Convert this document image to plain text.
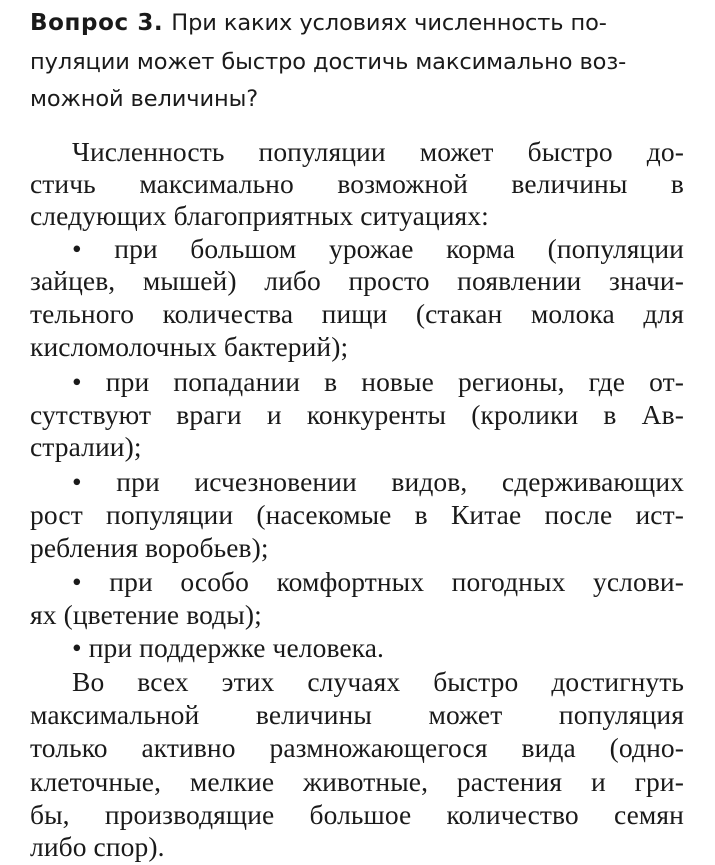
Вопрос 3. При каких условиях численность по-
пуляции может быстро достичь максимально воз-
можной величины?
Численность популяции может быстро до-
стичь максимально возможной величины в
следующих благоприятных ситуациях:
• при большом урожае корма (популяции
зайцев, мышей) либо просто появлении значи-
тельного количества пищи (стакан молока для
кисломолочных бактерий);
• при попадании в новые регионы, где от-
сутствуют враги и конкуренты (кролики в Ав-
стралии);
• при исчезновении видов, сдерживающих
рост популяции (насекомые в Китае после ист-
ребления воробьев);
• при особо комфортных погодных услови-
ях (цветение воды);
• при поддержке человека.
Во всех этих случаях быстро достигнуть
максимальной величины может популяция
только активно размножающегося вида (одно-
клеточные, мелкие животные, растения и гри-
бы, производящие большое количество семян
либо спор).
